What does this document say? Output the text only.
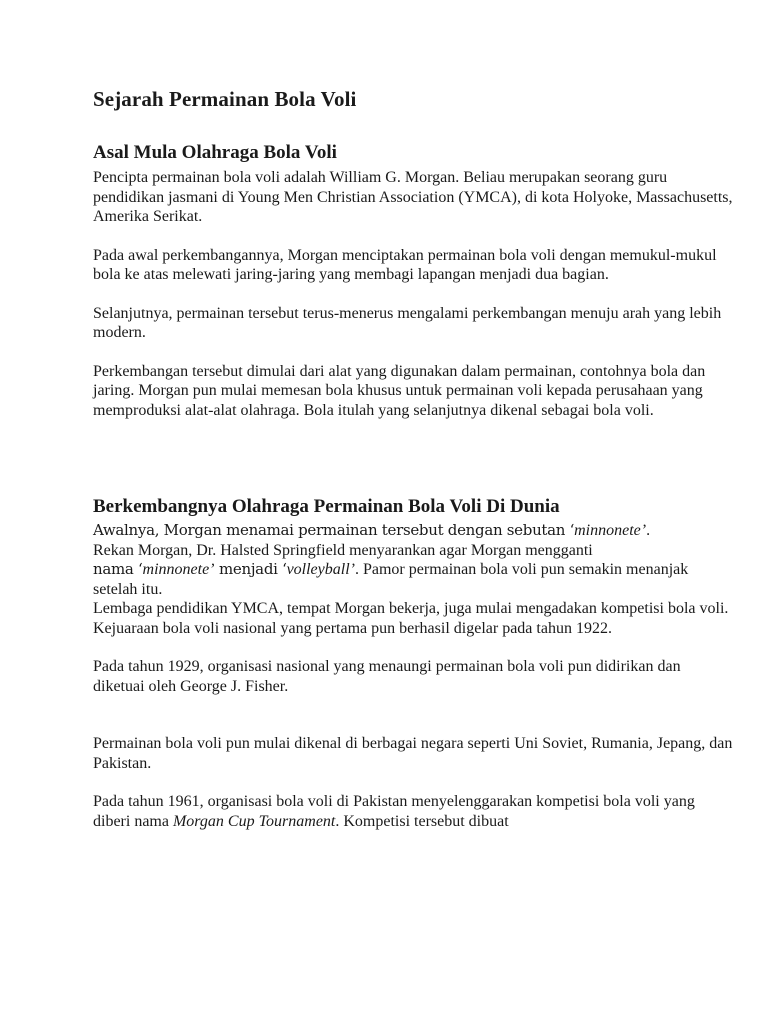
Sejarah Permainan Bola Voli
Asal Mula Olahraga Bola Voli

Pencipta permainan bola voli adalah William G. Morgan. Beliau merupakan seorang guru pendidikan jasmani di Young Men Christian Association (YMCA), di kota Holyoke, Massachusetts, Amerika Serikat.

Pada awal perkembangannya, Morgan menciptakan permainan bola voli dengan memukul-mukul bola ke atas melewati jaring-jaring yang membagi lapangan menjadi dua bagian.

Selanjutnya, permainan tersebut terus-menerus mengalami perkembangan menuju arah yang lebih modern.

Perkembangan tersebut dimulai dari alat yang digunakan dalam permainan, contohnya bola dan jaring. Morgan pun mulai memesan bola khusus untuk permainan voli kepada perusahaan yang memproduksi alat-alat olahraga. Bola itulah yang selanjutnya dikenal sebagai bola voli.

Berkembangnya Olahraga Permainan Bola Voli Di Dunia

Awalnya, Morgan menamai permainan tersebut dengan sebutan ‘minnonete’.
Rekan Morgan, Dr. Halsted Springfield menyarankan agar Morgan mengganti
nama ‘minnonete’ menjadi ‘volleyball’. Pamor permainan bola voli pun semakin menanjak setelah itu.
Lembaga pendidikan YMCA, tempat Morgan bekerja, juga mulai mengadakan kompetisi bola voli. Kejuaraan bola voli nasional yang pertama pun berhasil digelar pada tahun 1922.

Pada tahun 1929, organisasi nasional yang menaungi permainan bola voli pun didirikan dan diketuai oleh George J. Fisher.

Permainan bola voli pun mulai dikenal di berbagai negara seperti Uni Soviet, Rumania, Jepang, dan Pakistan.

Pada tahun 1961, organisasi bola voli di Pakistan menyelenggarakan kompetisi bola voli yang diberi nama Morgan Cup Tournament. Kompetisi tersebut dibuat
